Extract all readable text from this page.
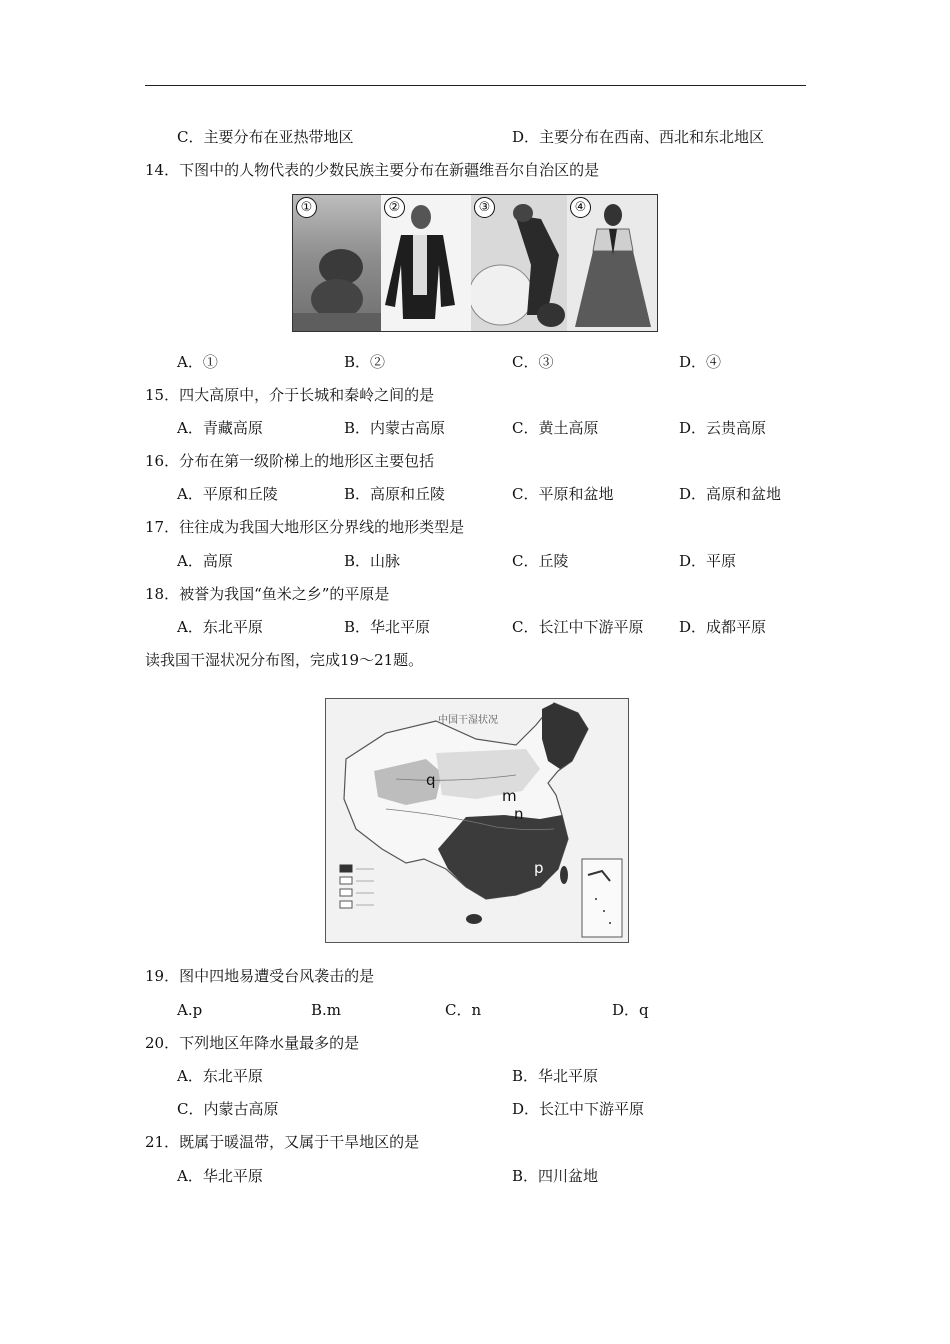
C．主要分布在亚热带地区	D．主要分布在西南、西北和东北地区
14．下图中的人物代表的少数民族主要分布在新疆维吾尔自治区的是
①	②	③	④
A．①	B．②	C．③	D．④
15．四大高原中，介于长城和秦岭之间的是
A．青藏高原	B．内蒙古高原	C．黄土高原	D．云贵高原
16．分布在第一级阶梯上的地形区主要包括
A．平原和丘陵	B．高原和丘陵	C．平原和盆地	D．高原和盆地
17．往往成为我国大地形区分界线的地形类型是
A．高原	B．山脉	C．丘陵	D．平原
18．被誉为我国“鱼米之乡”的平原是
A．东北平原	B．华北平原	C．长江中下游平原 D．成都平原
读我国干湿状况分布图，完成19～21题。
中国干湿状况
q
m
n
p
19．图中四地易遭受台风袭击的是
A.p	B.m	C．n	D．q
20．下列地区年降水量最多的是
A．东北平原	B．华北平原
C．内蒙古高原	D．长江中下游平原
21．既属于暖温带，又属于干旱地区的是
A．华北平原	B．四川盆地
